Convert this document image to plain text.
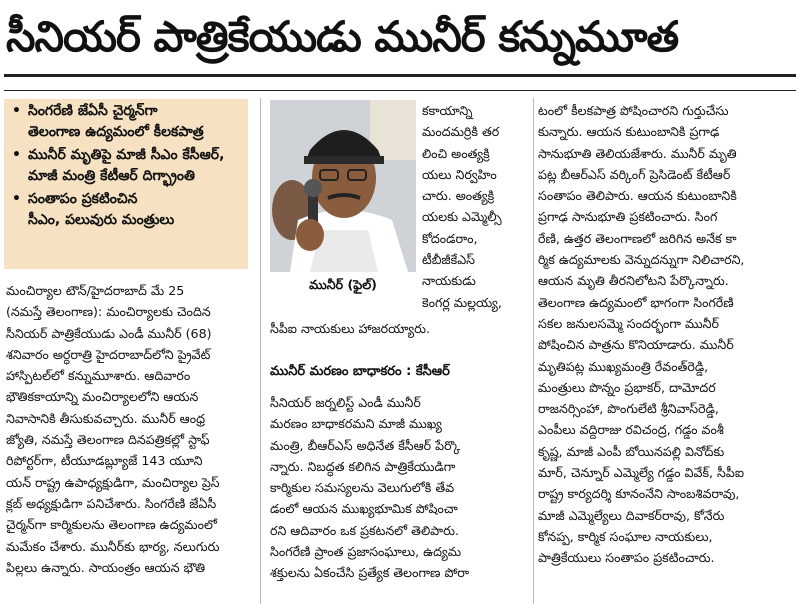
సీనియర్‌ పాత్రికేయుడు మునీర్‌ కన్నుమూత
• సింగరేణి జేఏసీ చైర్మన్‌గా
తెలంగాణ ఉద్యమంలో కీలకపాత్ర
• మునీర్‌ మృతిపై మాజీ సీఎం కేసీఆర్‌,
మాజీ మంత్రి కేటీఆర్‌ దిగ్భ్రాంతి
• సంతాపం ప్రకటించిన
సీఎం, పలువురు మంత్రులు
మంచిర్యాల టౌన్‌/హైదరాబాద్‌ మే 25
(నమస్తే తెలంగాణ): మంచిర్యాలకు చెందిన
సీనియర్‌ పాత్రికేయుడు ఎండీ మునీర్‌ (68)
శనివారం అర్ధరాత్రి హైదరాబాద్‌లోని ప్రైవేట్‌
హాస్పిటల్‌లో కన్నుమూశారు. ఆదివారం
భౌతికకాయాన్ని మంచిర్యాలలోని ఆయన
నివాసానికి తీసుకువచ్చారు. మునీర్‌ ఆంధ్ర
జ్యోతి, నమస్తే తెలంగాణ దినపత్రికల్లో స్టాఫ్‌
రిపోర్టర్‌గా, టీయూడబ్ల్యూజే 143 యూని
యన్‌ రాష్ట్ర ఉపాధ్యక్షుడిగా, మంచిర్యాల ప్రెస్‌
క్లబ్‌ అధ్యక్షుడిగా పనిచేశారు. సింగరేణి జేఏసీ
చైర్మన్‌గా కార్మికులను తెలంగాణ ఉద్యమంలో
మమేకం చేశారు. మునీర్‌కు భార్య, నలుగురు
పిల్లలు ఉన్నారు. సాయంత్రం ఆయన భౌతి
మునీర్‌ (ఫైల్‌)
కకాయాన్ని
మందమర్రికి తర
లించి అంత్యక్రి
యలు నిర్వహిం
చారు. అంత్యక్రి
యలకు ఎమ్మెల్సీ
కోదండరాం,
టీబీజీకేఎస్‌
నాయకుడు
కెంగర్ల మల్లయ్య,
సీపీఐ నాయకులు హాజరయ్యారు.
మునీర్‌ మరణం బాధాకరం : కేసీఆర్‌
సీనియర్‌ జర్నలిస్ట్‌ ఎండీ మునీర్‌
మరణం బాధాకరమని మాజీ ముఖ్య
మంత్రి, బీఆర్‌ఎస్‌ అధినేత కేసీఆర్‌ పేర్కొ
న్నారు. నిబద్ధత కలిగిన పాత్రికేయుడిగా
కార్మికుల సమస్యలను వెలుగులోకి తేవ
డంలో ఆయన ముఖ్యభూమిక పోషించా
రని ఆదివారం ఒక ప్రకటనలో తెలిపారు.
సింగరేణి ప్రాంత ప్రజాసంఘాలు, ఉద్యమ
శక్తులను ఏకంచేసి ప్రత్యేక తెలంగాణ పోరా
టంలో కీలకపాత్ర పోషించారని గుర్తుచేసు
కున్నారు. ఆయన కుటుంబానికి ప్రగాఢ
సానుభూతి తెలియజేశారు. మునీర్‌ మృతి
పట్ల బీఆర్‌ఎస్‌ వర్కింగ్‌ ప్రెసిడెంట్‌ కేటీఆర్‌
సంతాపం తెలిపారు. ఆయన కుటుంబానికి
ప్రగాఢ సానుభూతి ప్రకటించారు. సింగ
రేణి, ఉత్తర తెలంగాణలో జరిగిన అనేక కా
ర్మిక ఉద్యమాలకు వెన్నుదన్నుగా నిలిచారని,
ఆయన మృతి తీరనిలోటని పేర్కొన్నారు.
తెలంగాణ ఉద్యమంలో భాగంగా సింగరేణి
సకల జనులసమ్మె సందర్భంగా మునీర్‌
పోషించిన పాత్రను కొనియాడారు. మునీర్‌
మృతిపట్ల ముఖ్యమంత్రి రేవంత్‌రెడ్డి,
మంత్రులు పొన్నం ప్రభాకర్‌, దామోదర
రాజనర్సింహా, పొంగులేటి శ్రీనివాస్‌రెడ్డి,
ఎంపీలు వద్దిరాజు రవిచంద్ర, గడ్డం వంశీ
కృష్ణ, మాజీ ఎంపీ బోయినపల్లి వినోద్‌కు
మార్‌, చెన్నూర్‌ ఎమ్మెల్యే గడ్డం వివేక్‌, సీపీఐ
రాష్ట్ర కార్యదర్శి కూనంనేని సాంబశివరావు,
మాజీ ఎమ్మెల్యేలు దివాకర్‌రావు, కోనేరు
కోనప్ప, కార్మిక సంఘాల నాయకులు,
పాత్రికేయులు సంతాపం ప్రకటించారు.
